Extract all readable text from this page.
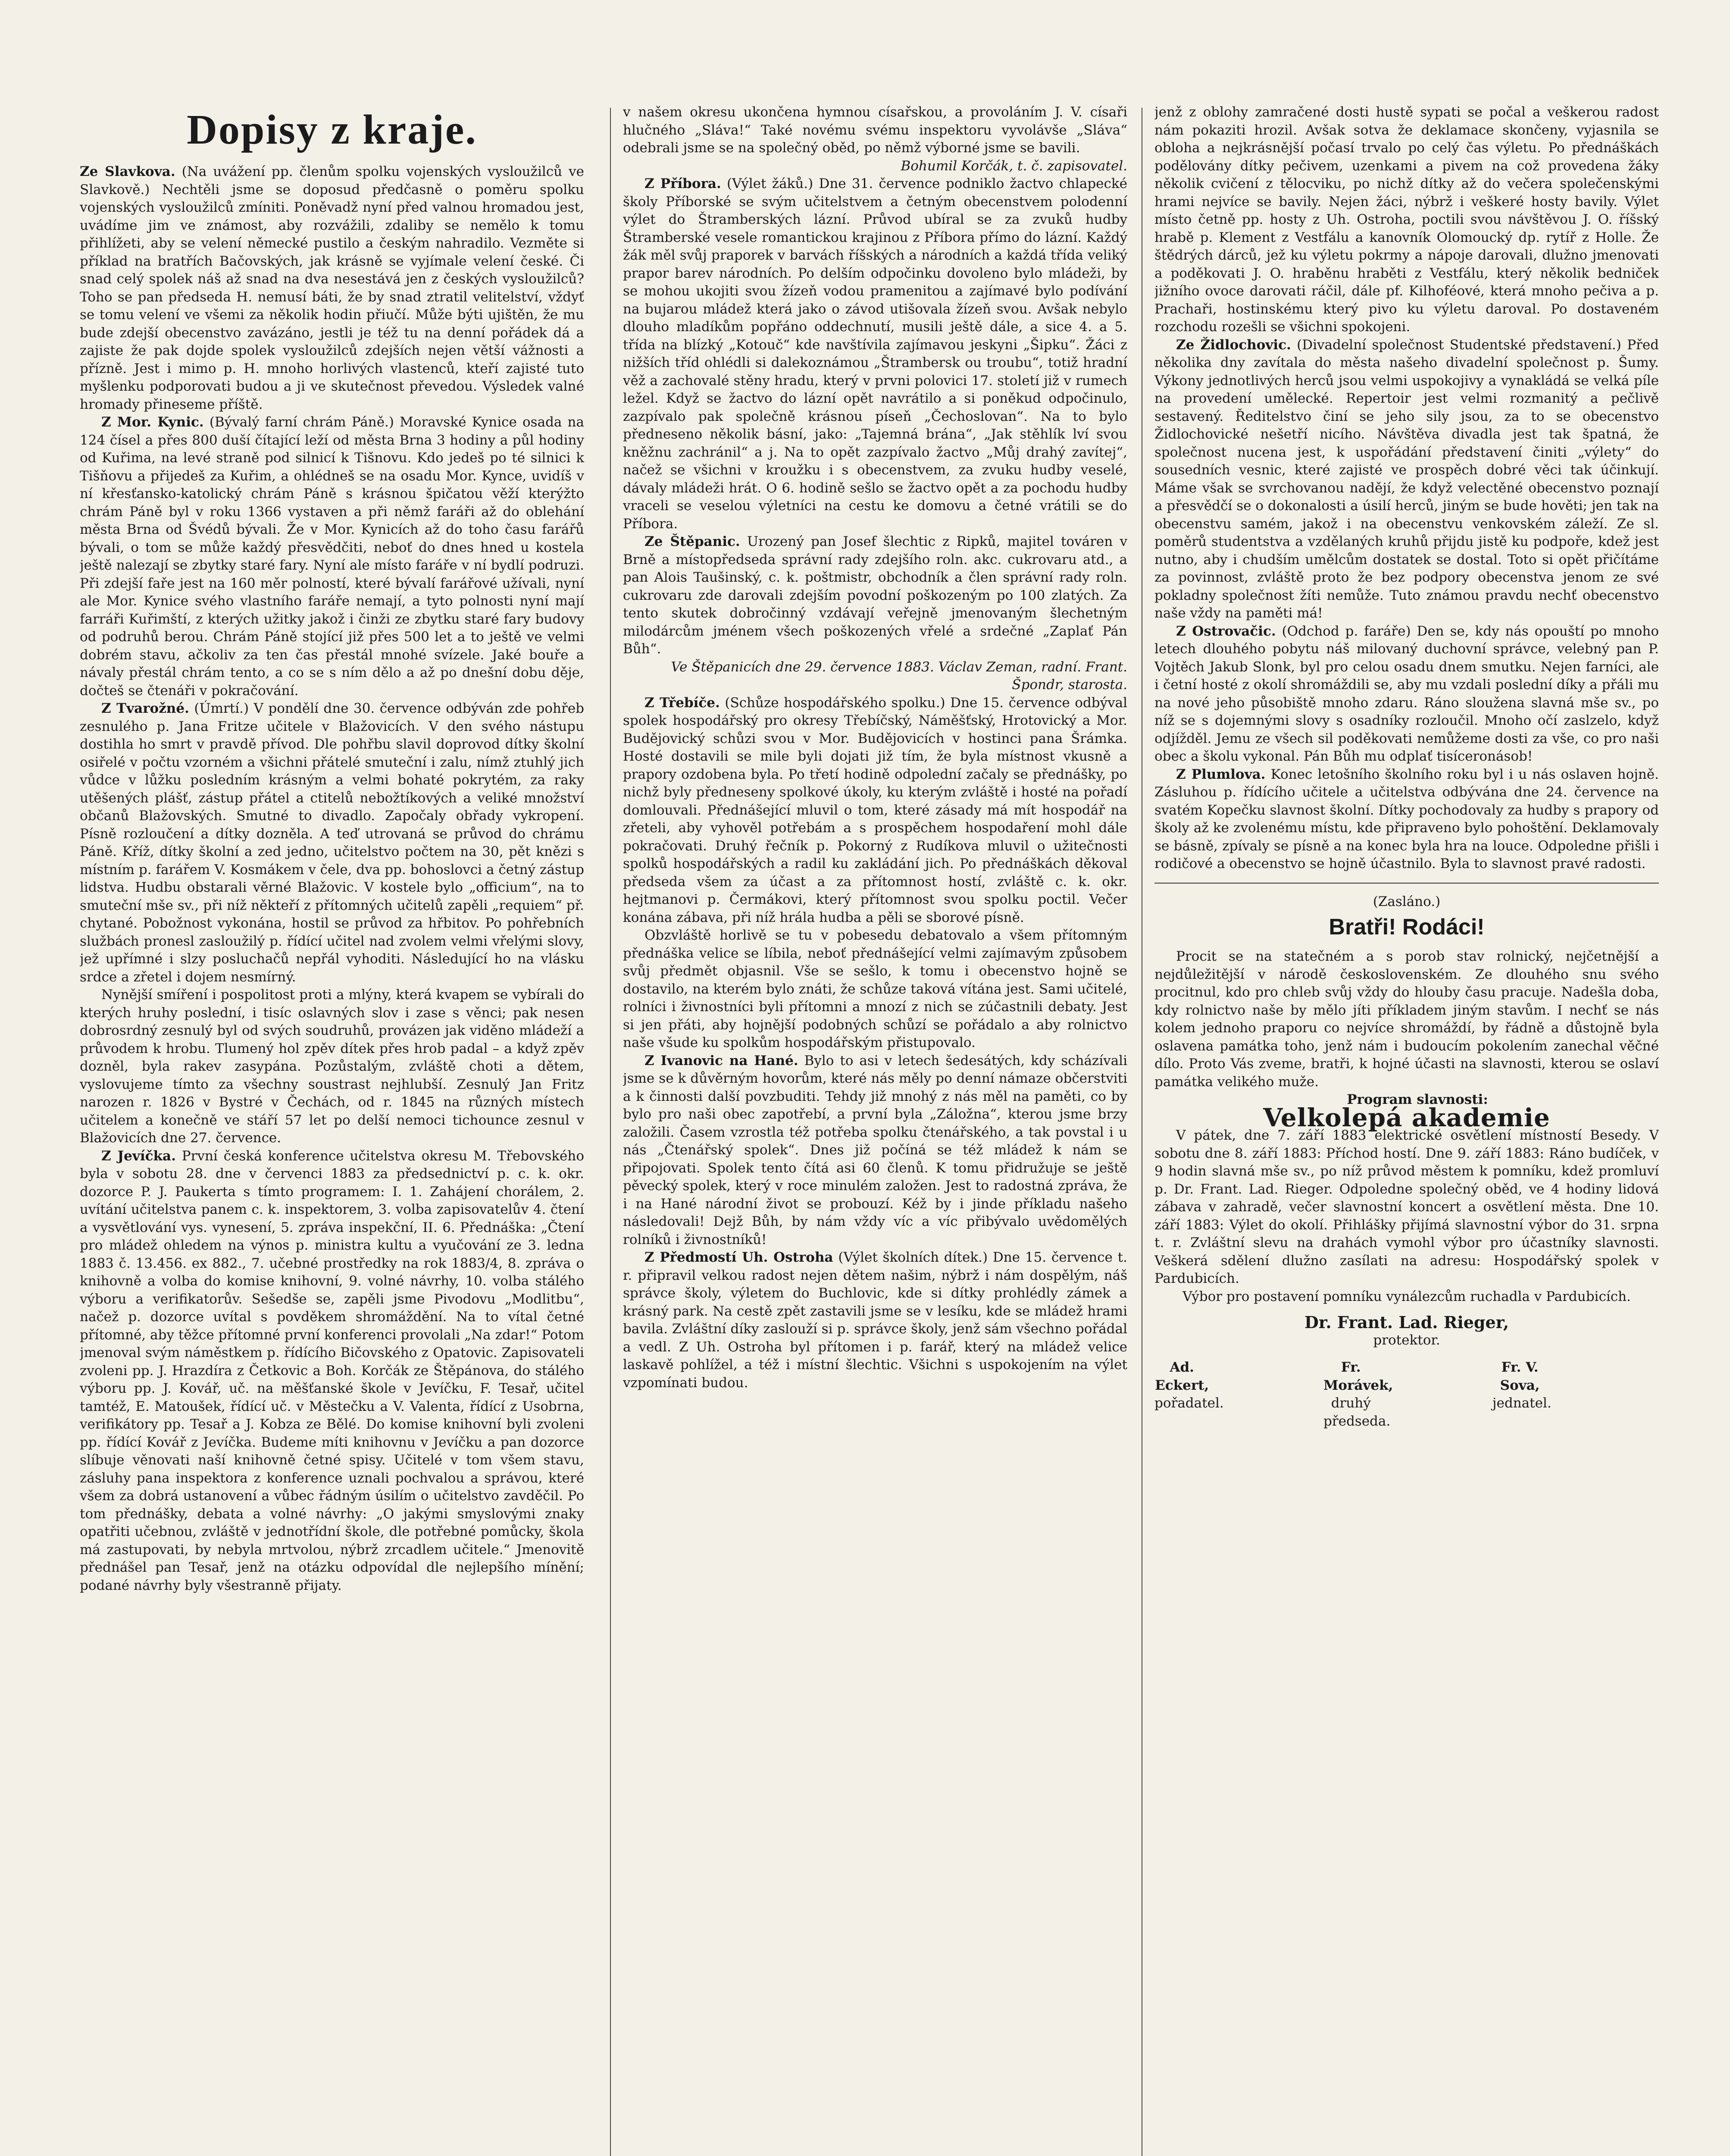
Dopisy z kraje.

Ze Slavkova. (Na uvážení pp. členům spolku vojenských vysloužilců ve Slavkově.) Nechtěli jsme se doposud předčasně o poměru spolku vojenských vysloužilců zmíniti. Poněvadž nyní před valnou hromadou jest, uvádíme jim ve známost, aby rozvážili, zdaliby se nemělo k tomu přihlížeti, aby se velení německé pustilo a českým nahradilo. Vezměte si příklad na bratřích Bačovských, jak krásně se vyjímale velení české. Či snad celý spolek náš až snad na dva nesestává jen z českých vysloužilců? Toho se pan předseda H. nemusí báti, že by snad ztratil velitelství, vždyť se tomu velení ve všemi za několik hodin přiučí. Může býti ujištěn, že mu bude zdejší obecenstvo zavázáno, jestli je též tu na denní pořádek dá a zajiste že pak dojde spolek vysloužilců zdejších nejen větší vážnosti a přízně. Jest i mimo p. H. mnoho horlivých vlastenců, kteří zajisté tuto myšlenku podporovati budou a ji ve skutečnost převedou. Výsledek valné hromady přineseme příště.

Z Mor. Kynic. (Bývalý farní chrám Páně.) Moravské Kynice osada na 124 čísel a přes 800 duší čítající leží od města Brna 3 hodiny a půl hodiny od Kuřima, na levé straně pod silnicí k Tišnovu. Kdo jedeš po té silnici k Tišňovu a přijedeš za Kuřim, a ohlédneš se na osadu Mor. Kynce, uvidíš v ní křesťansko-katolický chrám Páně s krásnou špičatou věží kterýžto chrám Páně byl v roku 1366 vystaven a při němž faráři až do oblehání města Brna od Švédů bývali. Že v Mor. Kynicích až do toho času farářů bývali, o tom se může každý přesvědčiti, neboť do dnes hned u kostela ještě nalezají se zbytky staré fary. Nyní ale místo faráře v ní bydlí podruzi. Při zdejší faře jest na 160 měr polností, které bývalí farářové užívali, nyní ale Mor. Kynice svého vlastního faráře nemají, a tyto polnosti nyní mají farráři Kuřimští, z kterých užitky jakož i činži ze zbytku staré fary budovy od podruhů berou. Chrám Páně stojící již přes 500 let a to ještě ve velmi dobrém stavu, ačkoliv za ten čas přestál mnohé svízele. Jaké bouře a návaly přestál chrám tento, a co se s ním dělo a až po dnešní dobu děje, dočteš se čtenáři v pokračování.

Z Tvarožné. (Úmrtí.) V pondělí dne 30. července odbýván zde pohřeb zesnulého p. Jana Fritze učitele v Blažovicích. V den svého nástupu dostihla ho smrt v pravdě přívod. Dle pohřbu slavil doprovod dítky školní osiřelé v počtu vzorném a všichni přátelé smuteční i zalu, nímž ztuhlý jich vůdce v lůžku posledním krásným a velmi bohaté pokrytém, za raky utěšených plášť, zástup přátel a ctitelů nebožtíkových a veliké množství občanů Blažovských. Smutné to divadlo. Započaly obřady vykropení. Písně rozloučení a dítky dozněla. A teď utrovaná se průvod do chrámu Páně. Kříž, dítky školní a zed jedno, učitelstvo počtem na 30, pět knězi s místním p. farářem V. Kosmákem v čele, dva pp. bohoslovci a četný zástup lidstva. Hudbu obstarali věrné Blažovic. V kostele bylo „officium“, na to smuteční mše sv., při níž někteří z přítomných učitelů zapěli „requiem“ př. chytané. Pobožnost vykonána, hostil se průvod za hřbitov. Po pohřebních službách pronesl zasloužilý p. řídící učitel nad zvolem velmi vřelými slovy, jež upřímné i slzy posluchačů nepřál vyhoditi. Následující ho na vlásku srdce a zřetel i dojem nesmírný.

Nynější smíření i pospolitost proti a mlýny, která kvapem se vybírali do kterých hruhy poslední, i tisíc oslavných slov i zase s věnci; pak nesen dobrosrdný zesnulý byl od svých soudruhů, provázen jak viděno mládeží a průvodem k hrobu. Tlumený hol zpěv dítek přes hrob padal – a když zpěv dozněl, byla rakev zasypána. Pozůstalým, zvláště choti a dětem, vyslovujeme tímto za všechny soustrast nejhlubší. Zesnulý Jan Fritz narozen r. 1826 v Bystré v Čechách, od r. 1845 na různých místech učitelem a konečně ve stáří 57 let po delší nemoci tichounce zesnul v Blažovicích dne 27. července.

Z Jevíčka. První česká konference učitelstva okresu M. Třebovského byla v sobotu 28. dne v červenci 1883 za předsednictví p. c. k. okr. dozorce P. J. Paukerta s tímto programem: I. 1. Zahájení chorálem, 2. uvítání učitelstva panem c. k. inspektorem, 3. volba zapisovatelův 4. čtení a vysvětlování vys. vynesení, 5. zpráva inspekční, II. 6. Přednáška: „Čtení pro mládež ohledem na výnos p. ministra kultu a vyučování ze 3. ledna 1883 č. 13.456. ex 882., 7. učebné prostředky na rok 1883/4, 8. zpráva o knihovně a volba do komise knihovní, 9. volné návrhy, 10. volba stálého výboru a verifikatorův. Sešedše se, zapěli jsme Pivodovu „Modlitbu“, načež p. dozorce uvítal s povděkem shromáždění. Na to vítal četné přítomné, aby těžce přítomné první konferenci provolali „Na zdar!“ Potom jmenoval svým náměstkem p. řídícího Bičovského z Opatovic. Zapisovateli zvoleni pp. J. Hrazdíra z Četkovic a Boh. Korčák ze Štěpánova, do stálého výboru pp. J. Kovář, uč. na měšťanské škole v Jevíčku, F. Tesař, učitel tamtéž, E. Matoušek, řídící uč. v Městečku a V. Valenta, řídící z Usobrna, verifikátory pp. Tesař a J. Kobza ze Bělé. Do komise knihovní byli zvoleni pp. řídící Kovář z Jevíčka. Budeme míti knihovnu v Jevíčku a pan dozorce slíbuje věnovati naší knihovně četné spisy. Učitelé v tom všem stavu, zásluhy pana inspektora z konference uznali pochvalou a správou, které všem za dobrá ustanovení a vůbec řádným úsilím o učitelstvo zavděčil. Po tom přednášky, debata a volné návrhy: „O jakými smyslovými znaky opatřiti učebnou, zvláště v jednotřídní škole, dle potřebné pomůcky, škola má zastupovati, by nebyla mrtvolou, nýbrž zrcadlem učitele.“ Jmenovitě přednášel pan Tesař, jenž na otázku odpovídal dle nejlepšího mínění; podané návrhy byly všestranně přijaty.

v našem okresu ukončena hymnou císařskou, a provoláním J. V. císaři hlučného „Sláva!“ Také novému svému inspektoru vyvolávše „Sláva“ odebrali jsme se na společný oběd, po němž výborné jsme se bavili.

Bohumil Korčák, t. č. zapisovatel.

Z Příbora. (Výlet žáků.) Dne 31. července podniklo žactvo chlapecké školy Příborské se svým učitelstvem a četným obecenstvem polodenní výlet do Štramberských lázní. Průvod ubíral se za zvuků hudby Štramberské vesele romantickou krajinou z Příbora přímo do lázní. Každý žák měl svůj praporek v barvách říšských a národních a každá třída veliký prapor barev národních. Po delším odpočinku dovoleno bylo mládeži, by se mohou ukojiti svou žízeň vodou pramenitou a zajímavé bylo podívání na bujarou mládež která jako o závod utišovala žízeň svou. Avšak nebylo dlouho mladíkům popřáno oddechnutí, musili ještě dále, a sice 4. a 5. třída na blízký „Kotouč“ kde navštívila zajímavou jeskyni „Šipku“. Žáci z nižších tříd ohlédli si dalekoznámou „Štrambersk ou troubu“, totiž hradní věž a zachovalé stěny hradu, který v prvni polovici 17. století již v rumech ležel. Když se žactvo do lázní opět navrátilo a si poněkud odpočinulo, zazpívalo pak společně krásnou píseň „Čechoslovan“. Na to bylo předneseno několik básní, jako: „Tajemná brána“, „Jak stěhlík lví svou kněžnu zachránil“ a j. Na to opět zazpívalo žactvo „Můj drahý zavítej“, načež se všichni v kroužku i s obecenstvem, za zvuku hudby veselé, dávaly mládeži hrát. O 6. hodině sešlo se žactvo opět a za pochodu hudby vraceli se veselou výletníci na cestu ke domovu a četné vrátili se do Příbora.

Ze Štěpanic. Urozený pan Josef šlechtic z Ripků, majitel továren v Brně a místopředseda správní rady zdejšího roln. akc. cukrovaru atd., a pan Alois Taušinský, c. k. poštmistr, obchodník a člen správní rady roln. cukrovaru zde darovali zdejším povodní poškozeným po 100 zlatých. Za tento skutek dobročinný vzdávají veřejně jmenovaným šlechetným milodárcům jménem všech poškozených vřelé a srdečné „Zaplať Pán Bůh“.

Ve Štěpanicích dne 29. července 1883. Václav Zeman, radní. Frant. Špondr, starosta.

Z Třebíče. (Schůze hospodářského spolku.) Dne 15. července odbýval spolek hospodářský pro okresy Třebíčský, Náměšťský, Hrotovický a Mor. Budějovický schůzi svou v Mor. Budějovicích v hostinci pana Šrámka. Hosté dostavili se mile byli dojati již tím, že byla místnost vkusně a prapory ozdobena byla. Po třetí hodině odpolední začaly se přednášky, po nichž byly předneseny spolkové úkoly, ku kterým zvláště i hosté na pořadí domlouvali. Přednášející mluvil o tom, které zásady má mít hospodář na zřeteli, aby vyhověl potřebám a s prospěchem hospodaření mohl dále pokračovati. Druhý řečník p. Pokorný z Rudíkova mluvil o užitečnosti spolků hospodářských a radil ku zakládání jich. Po přednáškách děkoval předseda všem za účast a za přítomnost hostí, zvláště c. k. okr. hejtmanovi p. Čermákovi, který přítomnost svou spolku poctil. Večer konána zábava, při níž hrála hudba a pěli se sborové písně.

Obzvláště horlivě se tu v pobesedu debatovalo a všem přítomným přednáška velice se líbila, neboť přednášející velmi zajímavým způsobem svůj předmět objasnil. Vše se sešlo, k tomu i obecenstvo hojně se dostavilo, na kterém bylo znáti, že schůze taková vítána jest. Sami učitelé, rolníci i živnostníci byli přítomni a mnozí z nich se zúčastnili debaty. Jest si jen přáti, aby hojnější podobných schůzí se pořádalo a aby rolnictvo naše všude ku spolkům hospodářským přistupovalo.

Z Ivanovic na Hané. Bylo to asi v letech šedesátých, kdy scházívali jsme se k důvěrným hovorům, které nás měly po denní námaze občerstviti a k činnosti další povzbuditi. Tehdy již mnohý z nás měl na paměti, co by bylo pro naši obec zapotřebí, a první byla „Záložna“, kterou jsme brzy založili. Časem vzrostla též potřeba spolku čtenářského, a tak povstal i u nás „Čtenářský spolek“. Dnes již počíná se též mládež k nám se připojovati. Spolek tento čítá asi 60 členů. K tomu přidružuje se ještě pěvecký spolek, který v roce minulém založen. Jest to radostná zpráva, že i na Hané národní život se probouzí. Kéž by i jinde příkladu našeho následovali! Dejž Bůh, by nám vždy víc a víc přibývalo uvědomělých rolníků i živnostníků!

Z Předmostí Uh. Ostroha (Výlet školních dítek.) Dne 15. července t. r. připravil velkou radost nejen dětem našim, nýbrž i nám dospělým, náš správce školy, výletem do Buchlovic, kde si dítky prohlédly zámek a krásný park. Na cestě zpět zastavili jsme se v lesíku, kde se mládež hrami bavila. Zvláštní díky zaslouží si p. správce školy, jenž sám všechno pořádal a vedl. Z Uh. Ostroha byl přítomen i p. farář, který na mládež velice laskavě pohlížel, a též i místní šlechtic. Všichni s uspokojením na výlet vzpomínati budou.

jenž z oblohy zamračené dosti hustě sypati se počal a veškerou radost nám pokaziti hrozil. Avšak sotva že deklamace skončeny, vyjasnila se obloha a nejkrásnější počasí trvalo po celý čas výletu. Po přednáškách podělovány dítky pečivem, uzenkami a pivem na což provedena žáky několik cvičení z tělocviku, po nichž dítky až do večera společenskými hrami nejvíce se bavily. Nejen žáci, nýbrž i veškeré hosty bavily. Výlet místo četně pp. hosty z Uh. Ostroha, poctili svou návštěvou J. O. říšský hrabě p. Klement z Vestfálu a kanovník Olomoucký dp. rytíř z Holle. Že štědrých dárců, jež ku výletu pokrmy a nápoje darovali, dlužno jmenovati a poděkovati J. O. hraběnu hraběti z Vestfálu, který několik bedniček jižního ovoce darovati ráčil, dále pf. Kilhoféové, která mnoho pečiva a p. Prachaři, hostinskému který pivo ku výletu daroval. Po dostaveném rozchodu rozešli se všichni spokojeni.

Ze Židlochovic. (Divadelní společnost Studentské představení.) Před několika dny zavítala do města našeho divadelní společnost p. Šumy. Výkony jednotlivých herců jsou velmi uspokojivy a vynakládá se velká píle na provedení umělecké. Repertoir jest velmi rozmanitý a pečlivě sestavený. Ředitelstvo činí se jeho sily jsou, za to se obecenstvo Židlochovické nešetří nicího. Návštěva divadla jest tak špatná, že společnost nucena jest, k uspořádání představení činiti „výlety“ do sousedních vesnic, které zajisté ve prospěch dobré věci tak účinkují. Máme však se svrchovanou nadějí, že když velectěné obecenstvo poznají a přesvědčí se o dokonalosti a úsilí herců, jiným se bude hověti; jen tak na obecenstvu samém, jakož i na obecenstvu venkovském záleží. Ze sl. poměrů studentstva a vzdělaných kruhů přijdu jistě ku podpoře, kdež jest nutno, aby i chudším umělcům dostatek se dostal. Toto si opět přičítáme za povinnost, zvláště proto že bez podpory obecenstva jenom ze své pokladny společnost žíti nemůže. Tuto známou pravdu nechť obecenstvo naše vždy na paměti má!

Z Ostrovačic. (Odchod p. faráře) Den se, kdy nás opouští po mnoho letech dlouhého pobytu náš milovaný duchovní správce, velebný pan P. Vojtěch Jakub Slonk, byl pro celou osadu dnem smutku. Nejen farníci, ale i četní hosté z okolí shromáždili se, aby mu vzdali poslední díky a přáli mu na nové jeho působiště mnoho zdaru. Ráno sloužena slavná mše sv., po níž se s dojemnými slovy s osadníky rozloučil. Mnoho očí zaslzelo, když odjížděl. Jemu ze všech sil poděkovati nemůžeme dosti za vše, co pro naši obec a školu vykonal. Pán Bůh mu odplať tisíceronásob!

Z Plumlova. Konec letošního školního roku byl i u nás oslaven hojně. Zásluhou p. řídícího učitele a učitelstva odbývána dne 24. července na svatém Kopečku slavnost školní. Dítky pochodovaly za hudby s prapory od školy až ke zvolenému místu, kde připraveno bylo pohoštění. Deklamovaly se básně, zpívaly se písně a na konec byla hra na louce. Odpoledne přišli i rodičové a obecenstvo se hojně účastnilo. Byla to slavnost pravé radosti.

(Zasláno.)

Bratři! Rodáci!

Procit se na statečném a s porob stav rolnický, nejčetnější a nejdůležitější v národě československém. Ze dlouhého snu svého procitnul, kdo pro chleb svůj vždy do hlouby času pracuje. Nadešla doba, kdy rolnictvo naše by mělo jíti příkladem jiným stavům. I nechť se nás kolem jednoho praporu co nejvíce shromáždí, by řádně a důstojně byla oslavena památka toho, jenž nám i budoucím pokolením zanechal věčné dílo. Proto Vás zveme, bratři, k hojné účasti na slavnosti, kterou se oslaví památka velikého muže.

Program slavnosti:

Velkolepá akademie

V pátek, dne 7. září 1883 elektrické osvětlení místností Besedy. V sobotu dne 8. září 1883: Příchod hostí. Dne 9. září 1883: Ráno budíček, v 9 hodin slavná mše sv., po níž průvod městem k pomníku, kdež promluví p. Dr. Frant. Lad. Rieger. Odpoledne společný oběd, ve 4 hodiny lidová zábava v zahradě, večer slavnostní koncert a osvětlení města. Dne 10. září 1883: Výlet do okolí. Přihlášky přijímá slavnostní výbor do 31. srpna t. r. Zvláštní slevu na drahách vymohl výbor pro účastníky slavnosti. Veškerá sdělení dlužno zasílati na adresu: Hospodářský spolek v Pardubicích.

Výbor pro postavení pomníku vynálezcům ruchadla v Pardubicích.

Dr. Frant. Lad. Rieger,
protektor.
Ad. Eckert,
pořadatel.
Fr. Morávek,
druhý předseda.
Fr. V. Sova,
jednatel.
